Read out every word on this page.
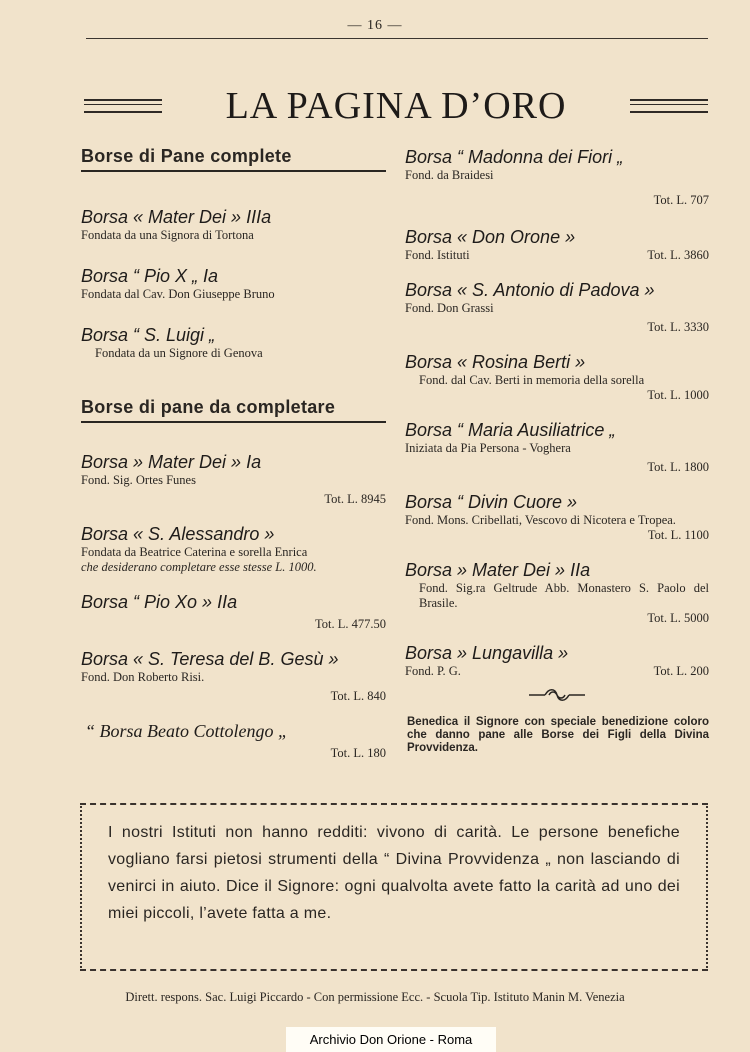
— 16 —
LA PAGINA D’ORO
Borse di Pane complete
Borsa « Mater Dei » IIIa
Fondata da una Signora di Tortona
Borsa “ Pio X „ Ia
Fondata dal Cav. Don Giuseppe Bruno
Borsa “ S. Luigi „
Fondata da un Signore di Genova
Borse di pane da completare
Borsa » Mater Dei » Ia
Fond. Sig. Ortes Funes
Tot. L. 8945
Borsa « S. Alessandro »
Fondata da Beatrice Caterina e sorella Enrica
che desiderano completare esse stesse L. 1000.
Borsa “ Pio Xo » IIa
Tot. L. 477.50
Borsa « S. Teresa del B. Gesù »
Fond. Don Roberto Risi.
Tot. L. 840
“ Borsa Beato Cottolengo „
Tot. L. 180
Borsa “ Madonna dei Fiori „
Fond. da Braidesi
Tot. L. 707
Borsa « Don Orone »
Fond. Istituti	Tot. L. 3860
Borsa « S. Antonio di Padova »
Fond. Don Grassi
Tot. L. 3330
Borsa « Rosina Berti »
Fond. dal Cav. Berti in memoria della sorella
Tot. L. 1000
Borsa “ Maria Ausiliatrice „
Iniziata da Pia Persona - Voghera
Tot. L. 1800
Borsa “ Divin Cuore »
Fond. Mons. Cribellati, Vescovo di Nicotera e Tropea.
Tot. L. 1100
Borsa » Mater Dei » IIa
Fond. Sig.ra Geltrude Abb. Monastero S. Paolo del Brasile.
Tot. L. 5000
Borsa » Lungavilla »
Fond. P. G.	Tot. L. 200
Benedica il Signore con speciale benedizione coloro che danno pane alle Borse dei Figli della Divina Provvidenza.
I nostri Istituti non hanno redditi: vivono di carità. Le persone benefiche vogliano farsi pietosi strumenti della “ Divina Provvidenza „ non lasciando di venirci in aiuto. Dice il Signore: ogni qualvolta avete fatto la carità ad uno dei miei piccoli, l’avete fatta a me.
Dirett. respons. Sac. Luigi Piccardo - Con permissione Ecc. - Scuola Tip. Istituto Manin M. Venezia
Archivio Don Orione - Roma
